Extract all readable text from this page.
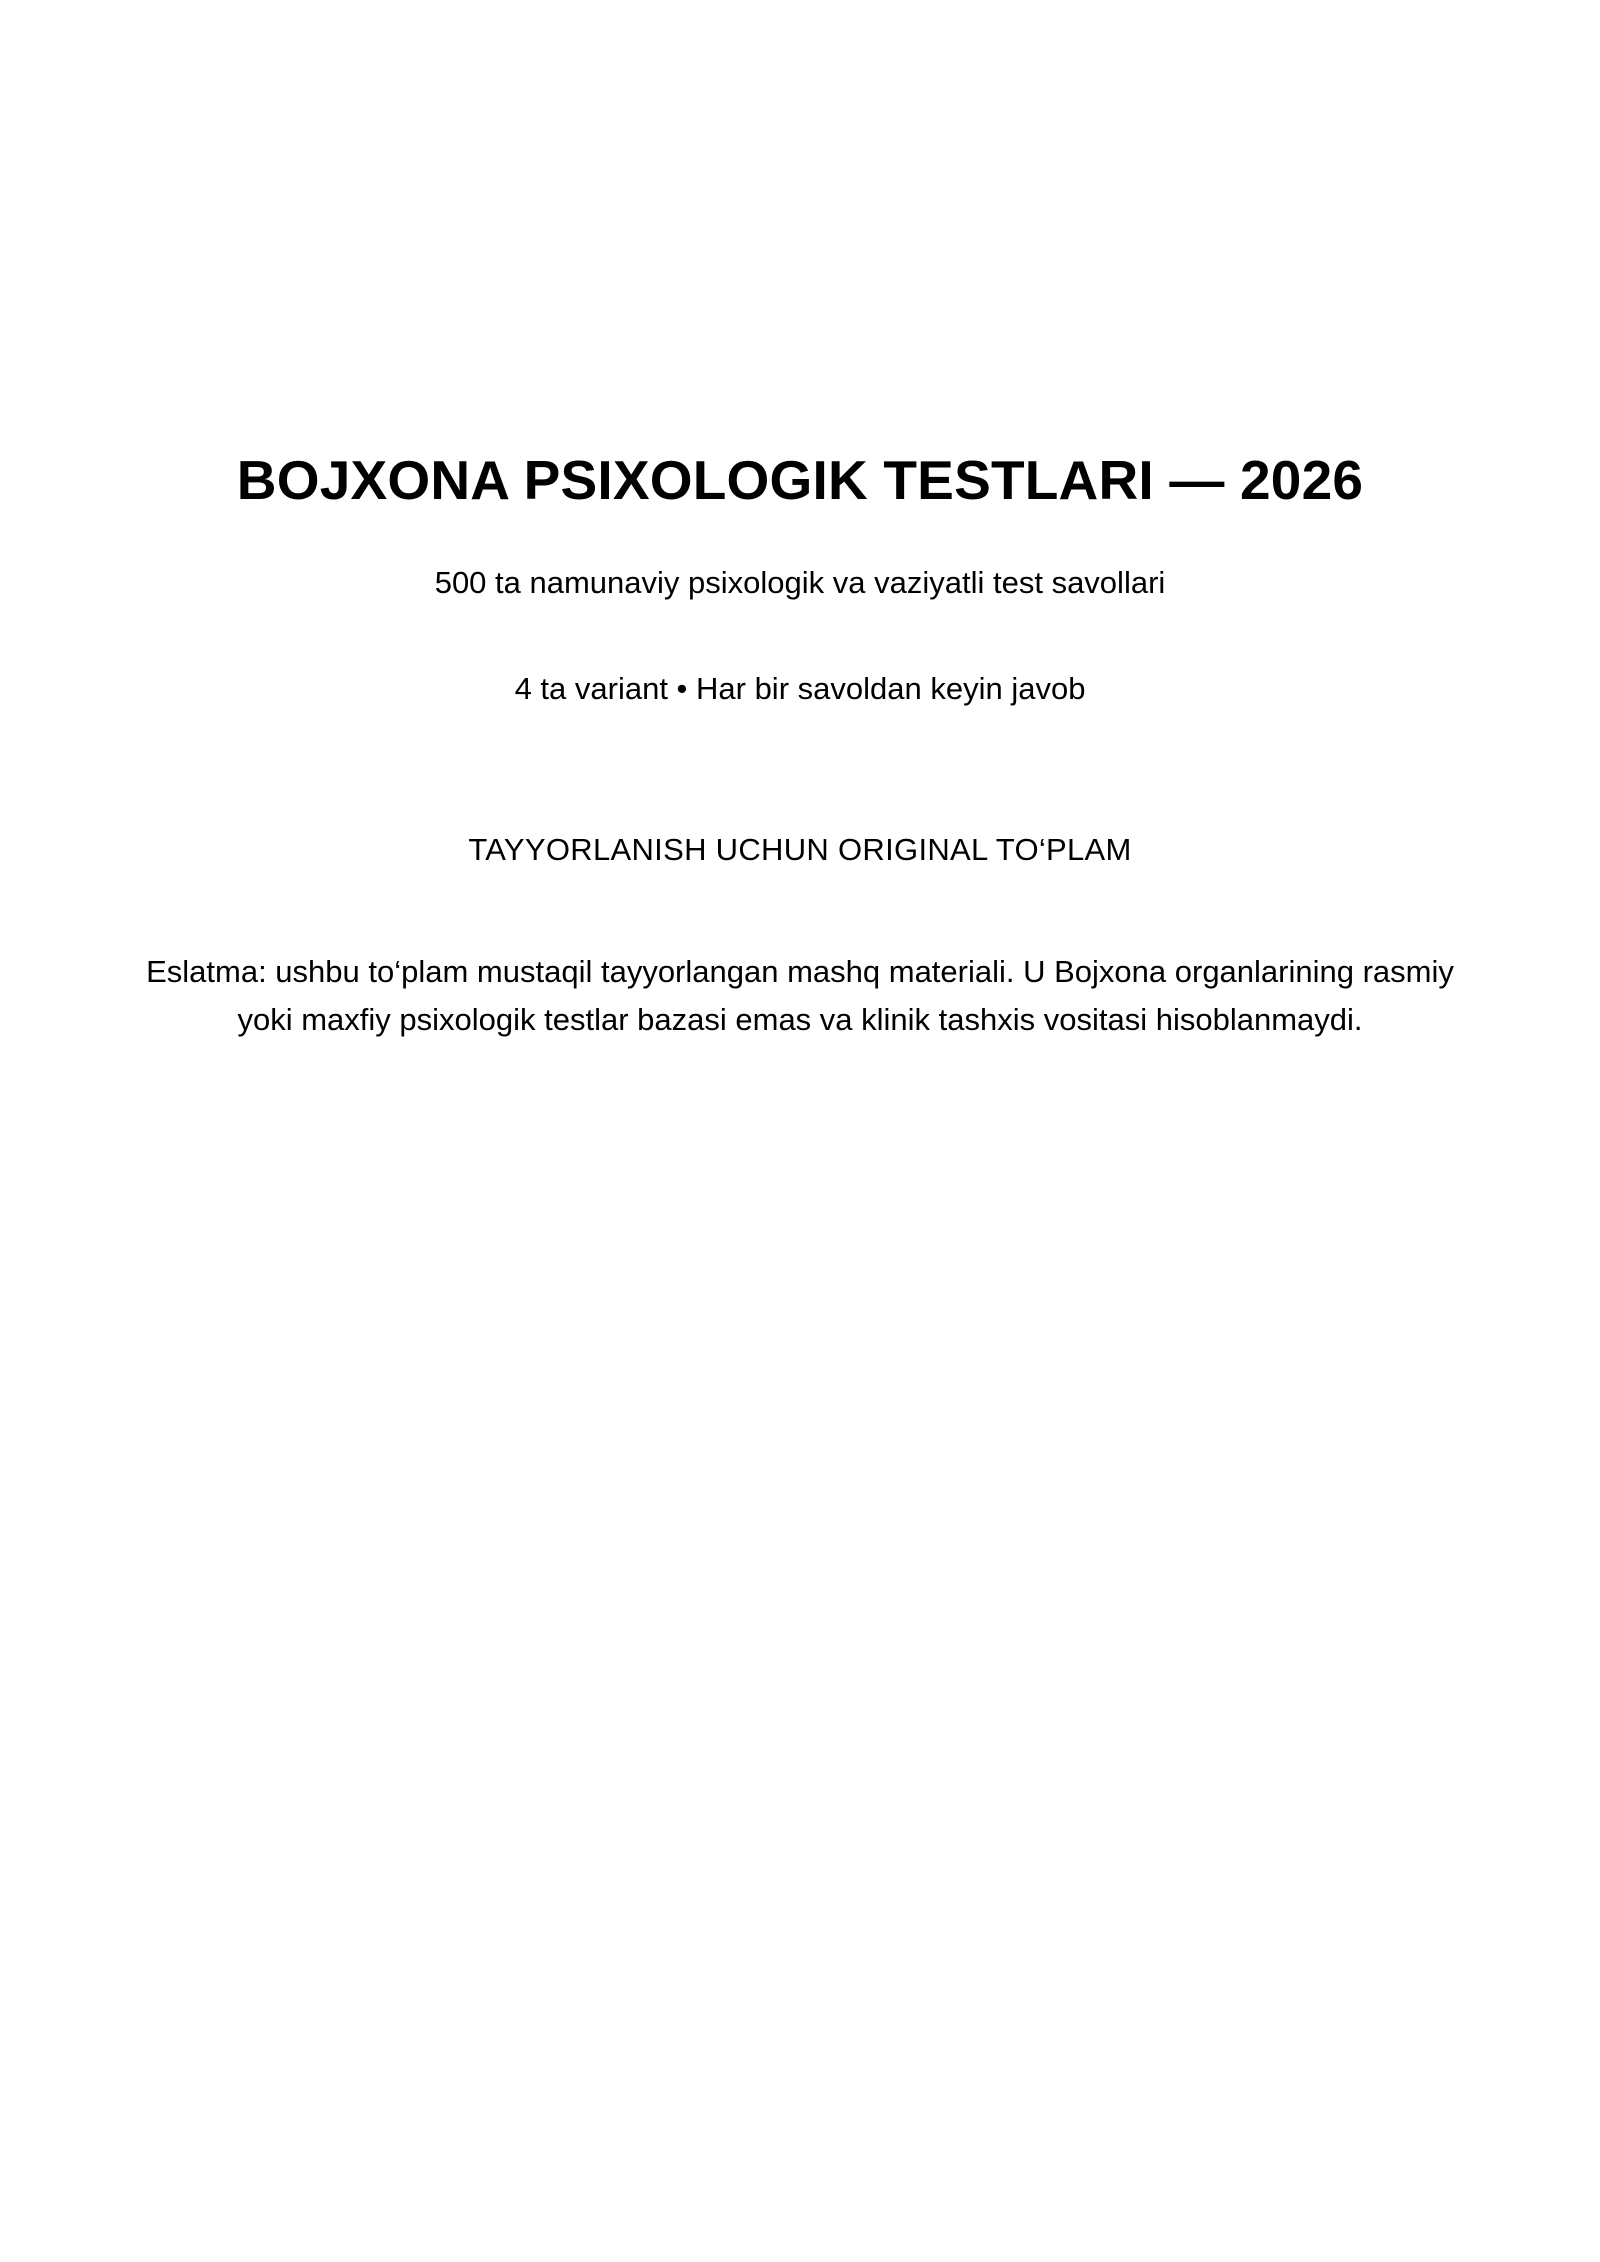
BOJXONA PSIXOLOGIK TESTLARI — 2026
500 ta namunaviy psixologik va vaziyatli test savollari
4 ta variant • Har bir savoldan keyin javob
TAYYORLANISH UCHUN ORIGINAL TO‘PLAM
Eslatma: ushbu to‘plam mustaqil tayyorlangan mashq materiali. U Bojxona organlarining rasmiy
yoki maxfiy psixologik testlar bazasi emas va klinik tashxis vositasi hisoblanmaydi.
